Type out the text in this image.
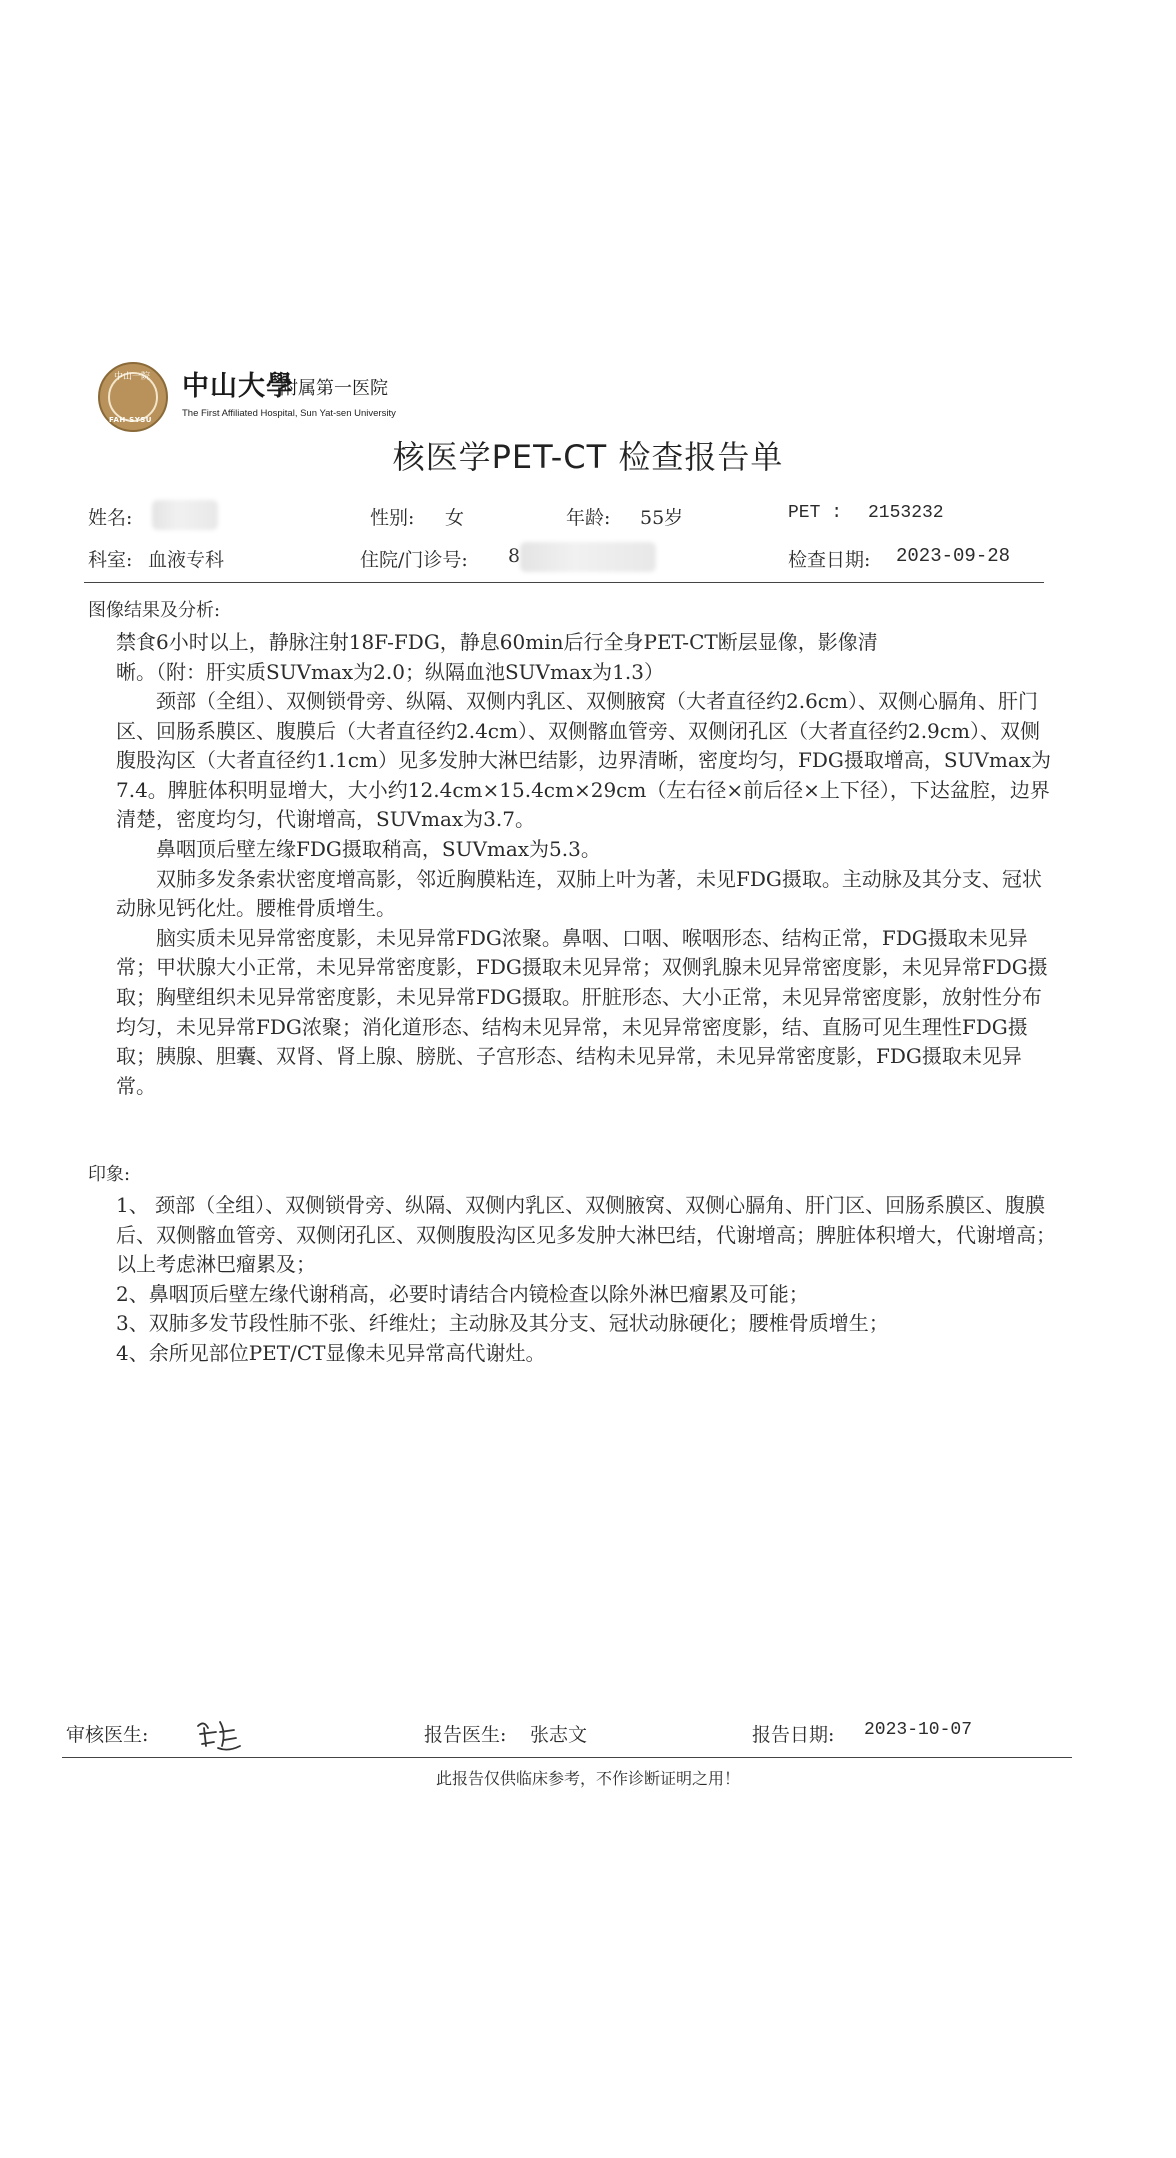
中山一院
FAH-SYSU
中山大學
附属第一医院
The First Affiliated Hospital, Sun Yat-sen University
核医学PET-CT 检查报告单
姓名:	性别: 女	年龄: 55岁	PET : 2153232
科室: 血液专科	住院/门诊号: 8	检查日期: 2023-09-28
图像结果及分析:

禁食6小时以上，静脉注射18F-FDG，静息60min后行全身PET-CT断层显像，影像清

晰。（附：肝实质SUVmax为2.0；纵隔血池SUVmax为1.3）

颈部（全组）、双侧锁骨旁、纵隔、双侧内乳区、双侧腋窝（大者直径约2.6cm）、双侧心膈角、肝门区、回肠系膜区、腹膜后（大者直径约2.4cm）、双侧髂血管旁、双侧闭孔区（大者直径约2.9cm）、双侧腹股沟区（大者直径约1.1cm）见多发肿大淋巴结影，边界清晰，密度均匀，FDG摄取增高，SUVmax为7.4。脾脏体积明显增大，大小约12.4cm×15.4cm×29cm（左右径×前后径×上下径），下达盆腔，边界清楚，密度均匀，代谢增高，SUVmax为3.7。

鼻咽顶后壁左缘FDG摄取稍高，SUVmax为5.3。

双肺多发条索状密度增高影，邻近胸膜粘连，双肺上叶为著，未见FDG摄取。主动脉及其分支、冠状动脉见钙化灶。腰椎骨质增生。

脑实质未见异常密度影，未见异常FDG浓聚。鼻咽、口咽、喉咽形态、结构正常，FDG摄取未见异常；甲状腺大小正常，未见异常密度影，FDG摄取未见异常；双侧乳腺未见异常密度影，未见异常FDG摄取；胸壁组织未见异常密度影，未见异常FDG摄取。肝脏形态、大小正常，未见异常密度影，放射性分布均匀，未见异常FDG浓聚；消化道形态、结构未见异常，未见异常密度影，结、直肠可见生理性FDG摄取；胰腺、胆囊、双肾、肾上腺、膀胱、子宫形态、结构未见异常，未见异常密度影，FDG摄取未见异常。

印象:

1、 颈部（全组）、双侧锁骨旁、纵隔、双侧内乳区、双侧腋窝、双侧心膈角、肝门区、回肠系膜区、腹膜后、双侧髂血管旁、双侧闭孔区、双侧腹股沟区见多发肿大淋巴结，代谢增高；脾脏体积增大，代谢增高；以上考虑淋巴瘤累及；

2、鼻咽顶后壁左缘代谢稍高，必要时请结合内镜检查以除外淋巴瘤累及可能；

3、双肺多发节段性肺不张、纤维灶；主动脉及其分支、冠状动脉硬化；腰椎骨质增生；

4、余所见部位PET/CT显像未见异常高代谢灶。

审核医生:	报告医生: 张志文	报告日期: 2023-10-07
此报告仅供临床参考，不作诊断证明之用！
